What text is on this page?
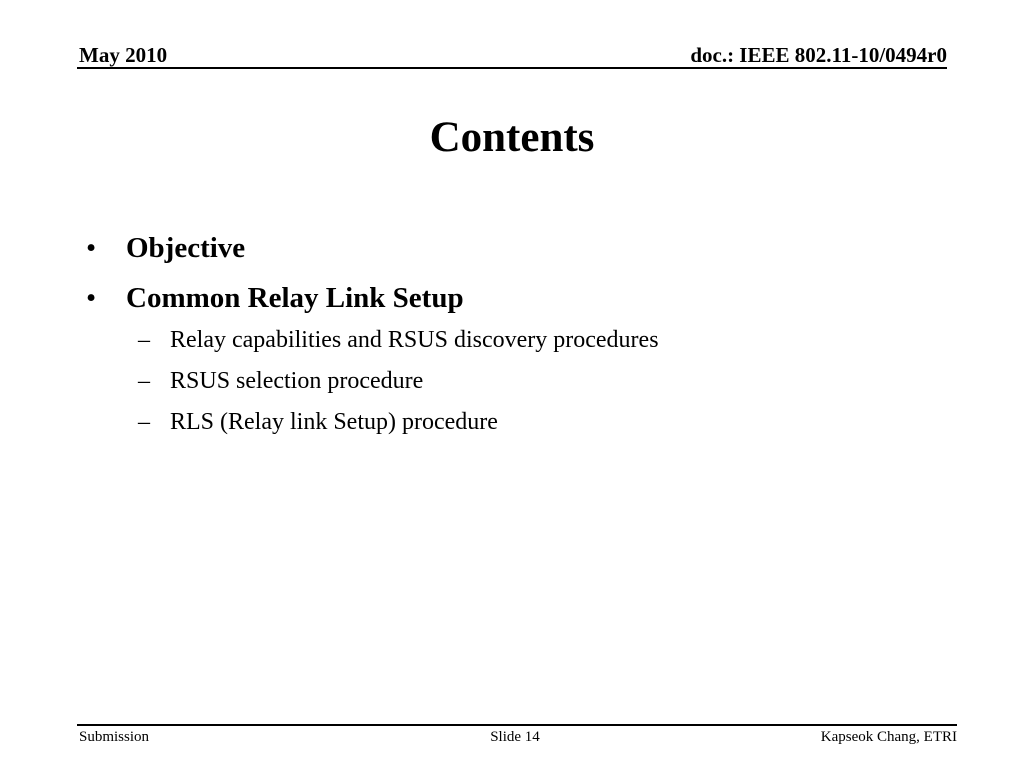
May 2010	doc.: IEEE 802.11-10/0494r0
Contents
•	Objective
•	Common Relay Link Setup
– Relay capabilities and RSUS discovery procedures
– RSUS selection procedure
– RLS (Relay link Setup) procedure
Submission	Slide 14	Kapseok Chang, ETRI
